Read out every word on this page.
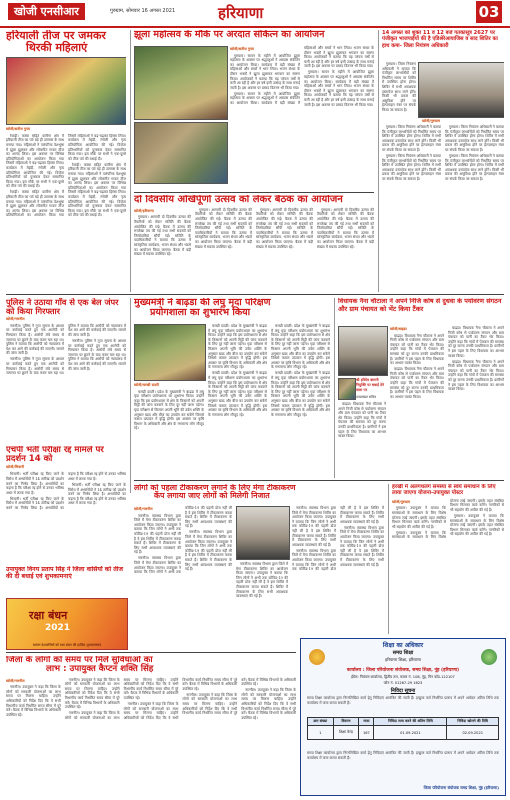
खोजी एनसीआर	गुरुग्राम, सोमवार 16 अगस्त 2021	हरियाणा	03
हरियाली तीज पर जमकर
थिरकी महिलाएं
खोजी/सतीश गुप्ता

रेवाड़ी। कस्बा सहित ग्रामीण क्षेत्र में हरियाली तीज का पर्व बड़े ही उल्लास के साथ मनाया गया। महिलाओं ने पारंपरिक वेशभूषा में झूला झूलकर और लोकगीत गाकर तीज का आनंद लिया। इस अवसर पर विभिन्न प्रतियोगिताओं का आयोजन किया गया जिसमें महिलाओं ने बढ़-चढ़कर हिस्सा लिया। कार्यक्रम में मेहंदी, रंगोली और नृत्य प्रतियोगिता आयोजित की गई। विजेता प्रतिभागियों को पुरस्कार देकर सम्मानित किया गया। इस मौके पर सभी ने एक-दूसरे को तीज पर्व की बधाई दी।

रेवाड़ी। कस्बा सहित ग्रामीण क्षेत्र में हरियाली तीज का पर्व बड़े ही उल्लास के साथ मनाया गया। महिलाओं ने पारंपरिक वेशभूषा में झूला झूलकर और लोकगीत गाकर तीज का आनंद लिया। इस अवसर पर विभिन्न प्रतियोगिताओं का आयोजन किया गया जिसमें महिलाओं ने बढ़-चढ़कर हिस्सा लिया। कार्यक्रम में मेहंदी, रंगोली और नृत्य प्रतियोगिता आयोजित की गई। विजेता प्रतिभागियों को पुरस्कार देकर सम्मानित किया गया। इस मौके पर सभी ने एक-दूसरे को तीज पर्व की बधाई दी।

रेवाड़ी। कस्बा सहित ग्रामीण क्षेत्र में हरियाली तीज का पर्व बड़े ही उल्लास के साथ मनाया गया। महिलाओं ने पारंपरिक वेशभूषा में झूला झूलकर और लोकगीत गाकर तीज का आनंद लिया। इस अवसर पर विभिन्न प्रतियोगिताओं का आयोजन किया गया जिसमें महिलाओं ने बढ़-चढ़कर हिस्सा लिया। कार्यक्रम में मेहंदी, रंगोली और नृत्य प्रतियोगिता आयोजित की गई। विजेता प्रतिभागियों को पुरस्कार देकर सम्मानित किया गया। इस मौके पर सभी ने एक-दूसरे को तीज पर्व की बधाई दी।

झूला महोत्सव के मौके पर अरदात संकित्न का आयोजन
खोजी/सतीश गुप्ता

गुरुग्राम। सावन के महीने में आयोजित झूला महोत्सव के अवसर पर श्रद्धालुओं ने अरदास संकीर्तन का आयोजन किया। कार्यक्रम में बड़ी संख्या में महिलाओं और बच्चों ने भाग लिया। भजन संध्या के दौरान भक्तों ने झूला झुलाकर भगवान का स्मरण किया। आयोजकों ने बताया कि यह परंपरा वर्षों से चली आ रही है और हर वर्ष इसी उत्साह के साथ मनाई जाती है। इस अवसर पर प्रसाद वितरण भी किया गया।

गुरुग्राम। सावन के महीने में आयोजित झूला महोत्सव के अवसर पर श्रद्धालुओं ने अरदास संकीर्तन का आयोजन किया। कार्यक्रम में बड़ी संख्या में महिलाओं और बच्चों ने भाग लिया। भजन संध्या के दौरान भक्तों ने झूला झुलाकर भगवान का स्मरण किया। आयोजकों ने बताया कि यह परंपरा वर्षों से चली आ रही है और हर वर्ष इसी उत्साह के साथ मनाई जाती है। इस अवसर पर प्रसाद वितरण भी किया गया।

गुरुग्राम। सावन के महीने में आयोजित झूला महोत्सव के अवसर पर श्रद्धालुओं ने अरदास संकीर्तन का आयोजन किया। कार्यक्रम में बड़ी संख्या में महिलाओं और बच्चों ने भाग लिया। भजन संध्या के दौरान भक्तों ने झूला झुलाकर भगवान का स्मरण किया। आयोजकों ने बताया कि यह परंपरा वर्षों से चली आ रही है और हर वर्ष इसी उत्साह के साथ मनाई जाती है। इस अवसर पर प्रसाद वितरण भी किया गया।

14 अगस्त को शुक्त 11 व 12 बजे गतकासूत्र 2627 पर पंजीकृत भाजपाईयों की है एडिश्रेरेआयाजिस व साद शितिर का हाथ कमा- जिला नियंत्रण अधिकारी

गुरुग्राम। जिला नियंत्रण अधिकारी ने बताया कि पंजीकृत लाभार्थियों को निर्धारित समय पर शिविर में उपस्थित होना होगा। शिविर में सभी आवश्यक दस्तावेज साथ लाने होंगे। किसी भी प्रकार की असुविधा होने पर हेल्पलाइन नंबर पर संपर्क किया जा सकता है।

खोजी/गुरुग्राम

गुरुग्राम। जिला नियंत्रण अधिकारी ने बताया कि पंजीकृत लाभार्थियों को निर्धारित समय पर शिविर में उपस्थित होना होगा। शिविर में सभी आवश्यक दस्तावेज साथ लाने होंगे। किसी भी प्रकार की असुविधा होने पर हेल्पलाइन नंबर पर संपर्क किया जा सकता है।

गुरुग्राम। जिला नियंत्रण अधिकारी ने बताया कि पंजीकृत लाभार्थियों को निर्धारित समय पर शिविर में उपस्थित होना होगा। शिविर में सभी आवश्यक दस्तावेज साथ लाने होंगे। किसी भी प्रकार की असुविधा होने पर हेल्पलाइन नंबर पर संपर्क किया जा सकता है।

गुरुग्राम। जिला नियंत्रण अधिकारी ने बताया कि पंजीकृत लाभार्थियों को निर्धारित समय पर शिविर में उपस्थित होना होगा। शिविर में सभी आवश्यक दस्तावेज साथ लाने होंगे। किसी भी प्रकार की असुविधा होने पर हेल्पलाइन नंबर पर संपर्क किया जा सकता है।

गुरुग्राम। जिला नियंत्रण अधिकारी ने बताया कि पंजीकृत लाभार्थियों को निर्धारित समय पर शिविर में उपस्थित होना होगा। शिविर में सभी आवश्यक दस्तावेज साथ लाने होंगे। किसी भी प्रकार की असुविधा होने पर हेल्पलाइन नंबर पर संपर्क किया जा सकता है।

दो दिवसीय अखिर्पूर्णा उत्सव को लेकर बैठक का आयोजन
खोजी/हरियाणा

गुरुग्राम। आगामी दो दिवसीय उत्सव की तैयारियों को लेकर समिति की बैठक आयोजित की गई। बैठक में उत्सव की रूपरेखा तय की गई तथा सभी सदस्यों को जिम्मेदारियां सौंपी गईं। समिति के पदाधिकारियों ने बताया कि उत्सव में सांस्कृतिक कार्यक्रम, भजन संध्या और भंडारे का आयोजन किया जाएगा। बैठक में बड़ी संख्या में सदस्य उपस्थित रहे।

गुरुग्राम। आगामी दो दिवसीय उत्सव की तैयारियों को लेकर समिति की बैठक आयोजित की गई। बैठक में उत्सव की रूपरेखा तय की गई तथा सभी सदस्यों को जिम्मेदारियां सौंपी गईं। समिति के पदाधिकारियों ने बताया कि उत्सव में सांस्कृतिक कार्यक्रम, भजन संध्या और भंडारे का आयोजन किया जाएगा। बैठक में बड़ी संख्या में सदस्य उपस्थित रहे।

गुरुग्राम। आगामी दो दिवसीय उत्सव की तैयारियों को लेकर समिति की बैठक आयोजित की गई। बैठक में उत्सव की रूपरेखा तय की गई तथा सभी सदस्यों को जिम्मेदारियां सौंपी गईं। समिति के पदाधिकारियों ने बताया कि उत्सव में सांस्कृतिक कार्यक्रम, भजन संध्या और भंडारे का आयोजन किया जाएगा। बैठक में बड़ी संख्या में सदस्य उपस्थित रहे।

गुरुग्राम। आगामी दो दिवसीय उत्सव की तैयारियों को लेकर समिति की बैठक आयोजित की गई। बैठक में उत्सव की रूपरेखा तय की गई तथा सभी सदस्यों को जिम्मेदारियां सौंपी गईं। समिति के पदाधिकारियों ने बताया कि उत्सव में सांस्कृतिक कार्यक्रम, भजन संध्या और भंडारे का आयोजन किया जाएगा। बैठक में बड़ी संख्या में सदस्य उपस्थित रहे।

पुलिस ने उठाया गाँव से एक बेल जंपर को किया गिरफ्तार
खोजी/नारनौल

नारनौल। पुलिस ने गुप्त सूचना के आधार पर कार्रवाई करते हुए एक आरोपी को गिरफ्तार किया है। आरोपी लंबे समय से जमानत पर छूटने के बाद फरार चल रहा था। पुलिस ने बताया कि आरोपी को न्यायालय में पेश कर आगे की कार्रवाई की जाएगी। मामले की जांच जारी है।

नारनौल। पुलिस ने गुप्त सूचना के आधार पर कार्रवाई करते हुए एक आरोपी को गिरफ्तार किया है। आरोपी लंबे समय से जमानत पर छूटने के बाद फरार चल रहा था। पुलिस ने बताया कि आरोपी को न्यायालय में पेश कर आगे की कार्रवाई की जाएगी। मामले की जांच जारी है।

नारनौल। पुलिस ने गुप्त सूचना के आधार पर कार्रवाई करते हुए एक आरोपी को गिरफ्तार किया है। आरोपी लंबे समय से जमानत पर छूटने के बाद फरार चल रहा था। पुलिस ने बताया कि आरोपी को न्यायालय में पेश कर आगे की कार्रवाई की जाएगी। मामले की जांच जारी है।

मुख्यमंत्री ने बाढ़डा की लघु मृदा परिक्षण
प्रयोगशाला का शुभारंभ किया
खोजी/चरखी दादरी

चरखी दादरी। प्रदेश के मुख्यमंत्री ने बाढ़डा में लघु मृदा परीक्षण प्रयोगशाला का शुभारंभ किया। उन्होंने कहा कि इस प्रयोगशाला से क्षेत्र के किसानों को अपनी मिट्टी की जांच करवाने के लिए दूर नहीं जाना पड़ेगा। मृदा परीक्षण से किसान अपनी भूमि की उर्वरा शक्ति के अनुसार खाद और बीज का उपयोग कर सकेंगे जिससे फसल उत्पादन में वृद्धि होगी। इस अवसर पर कृषि विभाग के अधिकारी और क्षेत्र के गणमान्य लोग मौजूद रहे।

चरखी दादरी। प्रदेश के मुख्यमंत्री ने बाढ़डा में लघु मृदा परीक्षण प्रयोगशाला का शुभारंभ किया। उन्होंने कहा कि इस प्रयोगशाला से क्षेत्र के किसानों को अपनी मिट्टी की जांच करवाने के लिए दूर नहीं जाना पड़ेगा। मृदा परीक्षण से किसान अपनी भूमि की उर्वरा शक्ति के अनुसार खाद और बीज का उपयोग कर सकेंगे जिससे फसल उत्पादन में वृद्धि होगी। इस अवसर पर कृषि विभाग के अधिकारी और क्षेत्र के गणमान्य लोग मौजूद रहे।

चरखी दादरी। प्रदेश के मुख्यमंत्री ने बाढ़डा में लघु मृदा परीक्षण प्रयोगशाला का शुभारंभ किया। उन्होंने कहा कि इस प्रयोगशाला से क्षेत्र के किसानों को अपनी मिट्टी की जांच करवाने के लिए दूर नहीं जाना पड़ेगा। मृदा परीक्षण से किसान अपनी भूमि की उर्वरा शक्ति के अनुसार खाद और बीज का उपयोग कर सकेंगे जिससे फसल उत्पादन में वृद्धि होगी। इस अवसर पर कृषि विभाग के अधिकारी और क्षेत्र के गणमान्य लोग मौजूद रहे।

चरखी दादरी। प्रदेश के मुख्यमंत्री ने बाढ़डा में लघु मृदा परीक्षण प्रयोगशाला का शुभारंभ किया। उन्होंने कहा कि इस प्रयोगशाला से क्षेत्र के किसानों को अपनी मिट्टी की जांच करवाने के लिए दूर नहीं जाना पड़ेगा। मृदा परीक्षण से किसान अपनी भूमि की उर्वरा शक्ति के अनुसार खाद और बीज का उपयोग कर सकेंगे जिससे फसल उत्पादन में वृद्धि होगी। इस अवसर पर कृषि विभाग के अधिकारी और क्षेत्र के गणमान्य लोग मौजूद रहे।

चरखी दादरी। प्रदेश के मुख्यमंत्री ने बाढ़डा में लघु मृदा परीक्षण प्रयोगशाला का शुभारंभ किया। उन्होंने कहा कि इस प्रयोगशाला से क्षेत्र के किसानों को अपनी मिट्टी की जांच करवाने के लिए दूर नहीं जाना पड़ेगा। मृदा परीक्षण से किसान अपनी भूमि की उर्वरा शक्ति के अनुसार खाद और बीज का उपयोग कर सकेंगे जिससे फसल उत्पादन में वृद्धि होगी। इस अवसर पर कृषि विभाग के अधिकारी और क्षेत्र के गणमान्य लोग मौजूद रहे।

विधायक नैना चौटाला ने अपने निजि कोष से दुधवा के पर्यावरण संगठन और ग्राम पंचायत को भेंट किया टैंकर
खोजी/बाढ़डा

बाढ़डा। विधायक नैना चौटाला ने अपने निजी कोष से पर्यावरण संगठन और ग्राम पंचायत को पानी का टैंकर भेंट किया। उन्होंने कहा कि गांवों में पेयजल की समस्या को दूर करना उनकी प्राथमिकता है। ग्रामीणों ने इस पहल के लिए विधायक का आभार व्यक्त किया।

बाढ़डा। विधायक नैना चौटाला ने अपने निजी कोष से पर्यावरण संगठन और ग्राम पंचायत को पानी का टैंकर भेंट किया। उन्होंने कहा कि गांवों में पेयजल की समस्या को दूर करना उनकी प्राथमिकता है। ग्रामीणों ने इस पहल के लिए विधायक का आभार व्यक्त किया।

श्री हरिदेव बालनी नियुक्ति पर बधाई देने वाला पर
उपप्रमंडल सचिव

बाढ़डा। विधायक नैना चौटाला ने अपने निजी कोष से पर्यावरण संगठन और ग्राम पंचायत को पानी का टैंकर भेंट किया। उन्होंने कहा कि गांवों में पेयजल की समस्या को दूर करना उनकी प्राथमिकता है। ग्रामीणों ने इस पहल के लिए विधायक का आभार व्यक्त किया।

बाढ़डा। विधायक नैना चौटाला ने अपने निजी कोष से पर्यावरण संगठन और ग्राम पंचायत को पानी का टैंकर भेंट किया। उन्होंने कहा कि गांवों में पेयजल की समस्या को दूर करना उनकी प्राथमिकता है। ग्रामीणों ने इस पहल के लिए विधायक का आभार व्यक्त किया।

बाढ़डा। विधायक नैना चौटाला ने अपने निजी कोष से पर्यावरण संगठन और ग्राम पंचायत को पानी का टैंकर भेंट किया। उन्होंने कहा कि गांवों में पेयजल की समस्या को दूर करना उनकी प्राथमिकता है। ग्रामीणों ने इस पहल के लिए विधायक का आभार व्यक्त किया।

एचपी भर्ती परीक्षा रद्द मामले पर प्रदर्शन 14 को
खोजी/भिवानी

भिवानी। भर्ती परीक्षा रद्द किए जाने के विरोध में अभ्यर्थियों ने 14 तारीख को प्रदर्शन करने का निर्णय लिया है। अभ्यर्थियों का कहना है कि परीक्षा रद्द होने से उनका भविष्य अधर में लटक गया है।

भिवानी। भर्ती परीक्षा रद्द किए जाने के विरोध में अभ्यर्थियों ने 14 तारीख को प्रदर्शन करने का निर्णय लिया है। अभ्यर्थियों का कहना है कि परीक्षा रद्द होने से उनका भविष्य अधर में लटक गया है।

भिवानी। भर्ती परीक्षा रद्द किए जाने के विरोध में अभ्यर्थियों ने 14 तारीख को प्रदर्शन करने का निर्णय लिया है। अभ्यर्थियों का कहना है कि परीक्षा रद्द होने से उनका भविष्य अधर में लटक गया है।

उपायुक्त विनय प्रताप सिंह ने जिला वासियों को तीज की दी बधाई एवं शुभकामनाएं
रक्षा बंधन
2021
समस्त देशवासियों को रक्षा बंधन की हार्दिक शुभकामनाएं
लोगों को पहला टीकाकरण लगाने के लिए मेगा टीकाकरण
केंप लगाया जाए लोगों को मिलेगी निजात
खोजी/नारनौल

नारनौल। स्वास्थ्य विभाग द्वारा जिले में मेगा टीकाकरण शिविर का आयोजन किया जाएगा। उपायुक्त ने बताया कि जिन लोगों ने अभी तक कोविड-19 की पहली डोज नहीं ली है वे इस शिविर में टीकाकरण करवा सकते हैं। शिविर में टीकाकरण के लिए सभी आवश्यक व्यवस्थाएं की गई हैं।

नारनौल। स्वास्थ्य विभाग द्वारा जिले में मेगा टीकाकरण शिविर का आयोजन किया जाएगा। उपायुक्त ने बताया कि जिन लोगों ने अभी तक कोविड-19 की पहली डोज नहीं ली है वे इस शिविर में टीकाकरण करवा सकते हैं। शिविर में टीकाकरण के लिए सभी आवश्यक व्यवस्थाएं की गई हैं।

नारनौल। स्वास्थ्य विभाग द्वारा जिले में मेगा टीकाकरण शिविर का आयोजन किया जाएगा। उपायुक्त ने बताया कि जिन लोगों ने अभी तक कोविड-19 की पहली डोज नहीं ली है वे इस शिविर में टीकाकरण करवा सकते हैं। शिविर में टीकाकरण के लिए सभी आवश्यक व्यवस्थाएं की गई हैं।

नारनौल। स्वास्थ्य विभाग द्वारा जिले में मेगा टीकाकरण शिविर का आयोजन किया जाएगा। उपायुक्त ने बताया कि जिन लोगों ने अभी तक कोविड-19 की पहली डोज नहीं ली है वे इस शिविर में टीकाकरण करवा सकते हैं। शिविर में टीकाकरण के लिए सभी आवश्यक व्यवस्थाएं की गई हैं।

नारनौल। स्वास्थ्य विभाग द्वारा जिले में मेगा टीकाकरण शिविर का आयोजन किया जाएगा। उपायुक्त ने बताया कि जिन लोगों ने अभी तक कोविड-19 की पहली डोज नहीं ली है वे इस शिविर में टीकाकरण करवा सकते हैं। शिविर में टीकाकरण के लिए सभी आवश्यक व्यवस्थाएं की गई हैं।

नारनौल। स्वास्थ्य विभाग द्वारा जिले में मेगा टीकाकरण शिविर का आयोजन किया जाएगा। उपायुक्त ने बताया कि जिन लोगों ने अभी तक कोविड-19 की पहली डोज नहीं ली है वे इस शिविर में टीकाकरण करवा सकते हैं। शिविर में टीकाकरण के लिए सभी आवश्यक व्यवस्थाएं की गई हैं।

नारनौल। स्वास्थ्य विभाग द्वारा जिले में मेगा टीकाकरण शिविर का आयोजन किया जाएगा। उपायुक्त ने बताया कि जिन लोगों ने अभी तक कोविड-19 की पहली डोज नहीं ली है वे इस शिविर में टीकाकरण करवा सकते हैं। शिविर में टीकाकरण के लिए सभी आवश्यक व्यवस्थाएं की गई हैं।

हरखी में अलगथलग समस्या से स्वयं समाधान के लिए
लाया जाएगा योजना-उपायुक्त पोस्टर
खोजी/गुरुग्राम

गुरुग्राम। उपायुक्त ने बताया कि समस्याओं के समाधान के लिए विशेष योजना लाई जाएगी। इसके तहत संबंधित विभाग मिलकर कार्य करेंगे। नागरिकों से भी सहयोग की अपील की गई है।

गुरुग्राम। उपायुक्त ने बताया कि समस्याओं के समाधान के लिए विशेष योजना लाई जाएगी। इसके तहत संबंधित विभाग मिलकर कार्य करेंगे। नागरिकों से भी सहयोग की अपील की गई है।

गुरुग्राम। उपायुक्त ने बताया कि समस्याओं के समाधान के लिए विशेष योजना लाई जाएगी। इसके तहत संबंधित विभाग मिलकर कार्य करेंगे। नागरिकों से भी सहयोग की अपील की गई है।

जिला के लोगों को समय पर मिले सुविधाओं का
लाभ : उपायुक्त कैप्टन शक्ति सिंह
खोजी/नारनौल

नारनौल। उपायुक्त ने कहा कि जिला के लोगों को सरकारी योजनाओं का लाभ समय पर मिलना चाहिए। उन्होंने अधिकारियों को निर्देश दिए कि वे सभी विभागीय कार्य निर्धारित समय सीमा में पूरे करें। बैठक में विभिन्न विभागों के अधिकारी उपस्थित रहे।

नारनौल। उपायुक्त ने कहा कि जिला के लोगों को सरकारी योजनाओं का लाभ समय पर मिलना चाहिए। उन्होंने अधिकारियों को निर्देश दिए कि वे सभी विभागीय कार्य निर्धारित समय सीमा में पूरे करें। बैठक में विभिन्न विभागों के अधिकारी उपस्थित रहे।

नारनौल। उपायुक्त ने कहा कि जिला के लोगों को सरकारी योजनाओं का लाभ समय पर मिलना चाहिए। उन्होंने अधिकारियों को निर्देश दिए कि वे सभी विभागीय कार्य निर्धारित समय सीमा में पूरे करें। बैठक में विभिन्न विभागों के अधिकारी उपस्थित रहे।

नारनौल। उपायुक्त ने कहा कि जिला के लोगों को सरकारी योजनाओं का लाभ समय पर मिलना चाहिए। उन्होंने अधिकारियों को निर्देश दिए कि वे सभी विभागीय कार्य निर्धारित समय सीमा में पूरे करें। बैठक में विभिन्न विभागों के अधिकारी उपस्थित रहे।

नारनौल। उपायुक्त ने कहा कि जिला के लोगों को सरकारी योजनाओं का लाभ समय पर मिलना चाहिए। उन्होंने अधिकारियों को निर्देश दिए कि वे सभी विभागीय कार्य निर्धारित समय सीमा में पूरे करें। बैठक में विभिन्न विभागों के अधिकारी उपस्थित रहे।

नारनौल। उपायुक्त ने कहा कि जिला के लोगों को सरकारी योजनाओं का लाभ समय पर मिलना चाहिए। उन्होंने अधिकारियों को निर्देश दिए कि वे सभी विभागीय कार्य निर्धारित समय सीमा में पूरे करें। बैठक में विभिन्न विभागों के अधिकारी उपस्थित रहे।

शिक्षा का अधिकार
समग्र शिक्षा
हरियाणा शिक्षा, हरियाणा
कार्यालय : जिला परियोजना संयोजक, समग्र शिक्षा, नूंह (हरियाणा)
ईमेल: नियंत्रण कार्यालय, द्वितीय तल, कमरा नं. 108, नूंह, पिन कोड-122107
फोन नं. 01267-29 1623
निविदा सूचना
समग्र शिक्षा कार्यालय द्वारा निम्नलिखित कार्य हेतु निविदाएं आमंत्रित की जाती हैं। इच्छुक फर्म निर्धारित प्रारूप में अपने आवेदन अंतिम तिथि तक कार्यालय में जमा करवा सकती हैं।
क्रम संख्या	विवरण	मात्रा	निविदा जमा करने की अंतिम तिथि	निविदा खोलने की तिथि
1	शिक्षा केन्द्र	167	01.09.2021	02.09.2021
समग्र शिक्षा कार्यालय द्वारा निम्नलिखित कार्य हेतु निविदाएं आमंत्रित की जाती हैं। इच्छुक फर्म निर्धारित प्रारूप में अपने आवेदन अंतिम तिथि तक कार्यालय में जमा करवा सकती हैं।
जिला परियोजना संयोजक समग्र शिक्षा, नूंह (हरियाणा)
